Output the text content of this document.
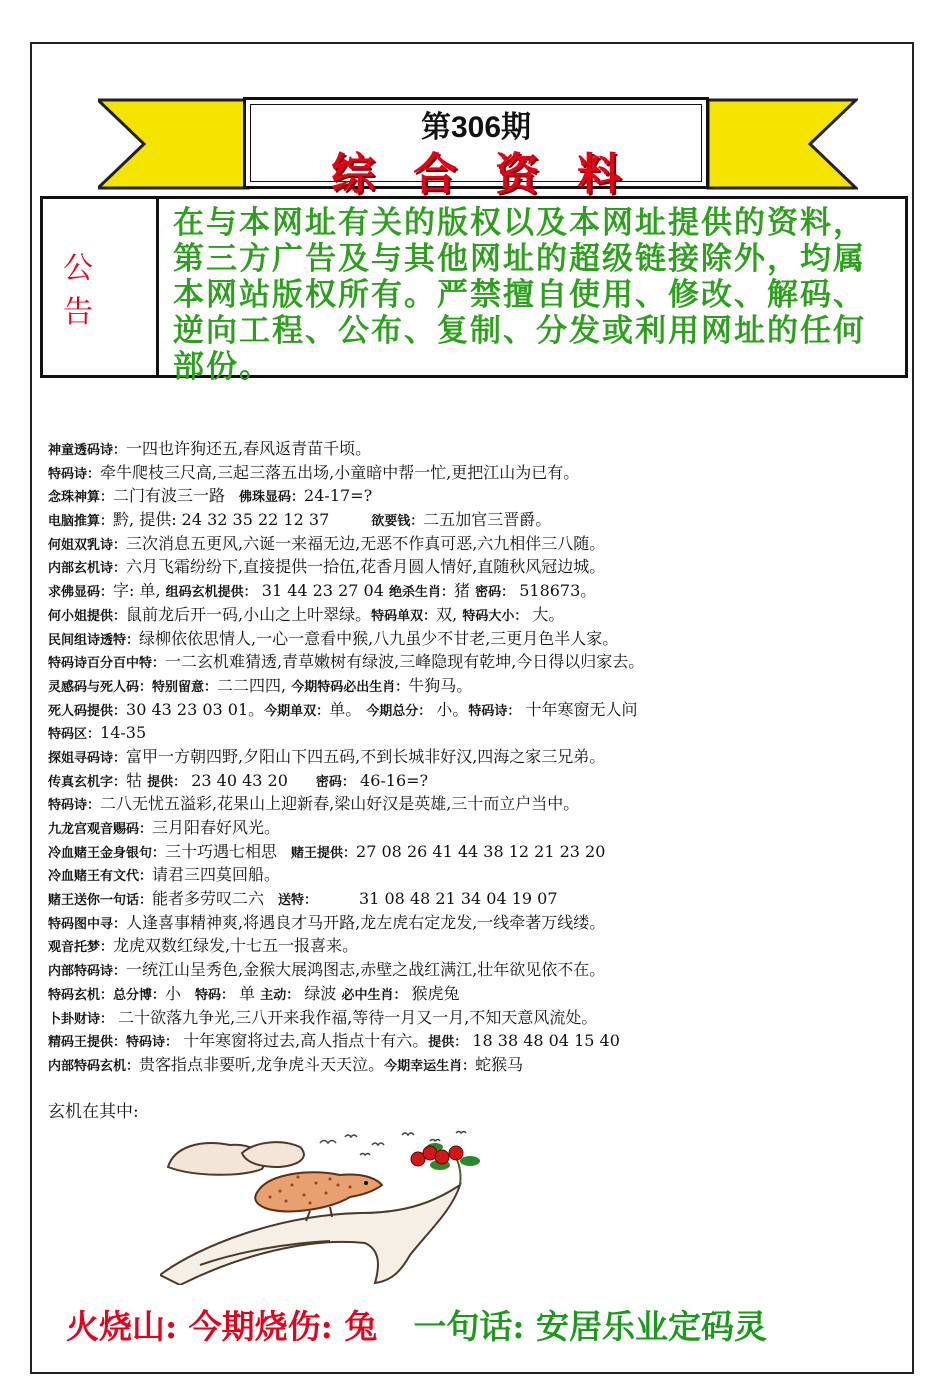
第306期
综合资料
公告
在与本网址有关的版权以及本网址提供的资料，第三方广告及与其他网址的超级链接除外，均属本网站版权所有。严禁擅自使用、修改、解码、逆向工程、公布、复制、分发或利用网址的任何部份。
神童透码诗：一四也许狗还五,春风返青苗千顷。
特码诗：牵牛爬枝三尺高,三起三落五出场,小童暗中帮一忙,更把江山为已有。
念珠神算：二门有波三一路 佛珠显码：24-17=?
电脑推算：黔, 提供: 24 32 35 22 12 37	欲要钱：二五加官三晋爵。
何姐双乳诗：三次消息五更风,六诞一来福无边,无恶不作真可恶,六九相伴三八随。
内部玄机诗：六月飞霜纷纷下,直接提供一拾伍,花香月圆人情好,直随秋风冠边城。
求佛显码：字: 单, 组码玄机提供： 31 44 23 27 04 绝杀生肖：猪 密码： 518673。
何小姐提供：鼠前龙后开一码,小山之上叶翠绿。特码单双：双, 特码大小： 大。
民间组诗透特：绿柳依依思情人,一心一意看中猴,八九虽少不甘老,三更月色半人家。
特码诗百分百中特：一二玄机难猜透,青草嫩树有绿波,三峰隐现有乾坤,今日得以归家去。
灵感码与死人码：特别留意：二二四四, 今期特码必出生肖：牛狗马。
死人码提供：30 43 23 03 01。今期单双：单。 今期总分： 小。特码诗： 十年寒窗无人问
特码区：14-35
探姐寻码诗：富甲一方朝四野,夕阳山下四五码,不到长城非好汉,四海之家三兄弟。
传真玄机字：牯 提供： 23 40 43 20 密码： 46-16=?
特码诗：二八无忧五溢彩,花果山上迎新春,梁山好汉是英雄,三十而立户当中。
九龙宫观音赐码：三月阳春好风光。
冷血赌王金身银句：三十巧遇七相思 赌王提供：27 08 26 41 44 38 12 21 23 20
冷血赌王有文代：请君三四莫回船。
赌王送你一句话：能者多劳叹二六 送特：	31 08 48 21 34 04 19 07
特码图中寻：人逢喜事精神爽,将遇良才马开路,龙左虎右定龙发,一线牵著万线缕。
观音托梦：龙虎双数红绿发,十七五一报喜来。
内部特码诗：一统江山呈秀色,金猴大展鸿图志,赤壁之战红满江,壮年欲见依不在。
特码玄机：总分博：小 特码： 单 主动： 绿波 必中生肖： 猴虎兔
卜卦财诗： 二十欲落九争光,三八开来我作福,等待一月又一月,不知天意风流处。
精码王提供：特码诗： 十年寒窗将过去,高人指点十有六。提供： 18 38 48 04 15 40
内部特码玄机：贵客指点非要听,龙争虎斗天天泣。今期幸运生肖：蛇猴马
玄机在其中:
火烧山: 今期烧伤: 兔 一句话: 安居乐业定码灵
